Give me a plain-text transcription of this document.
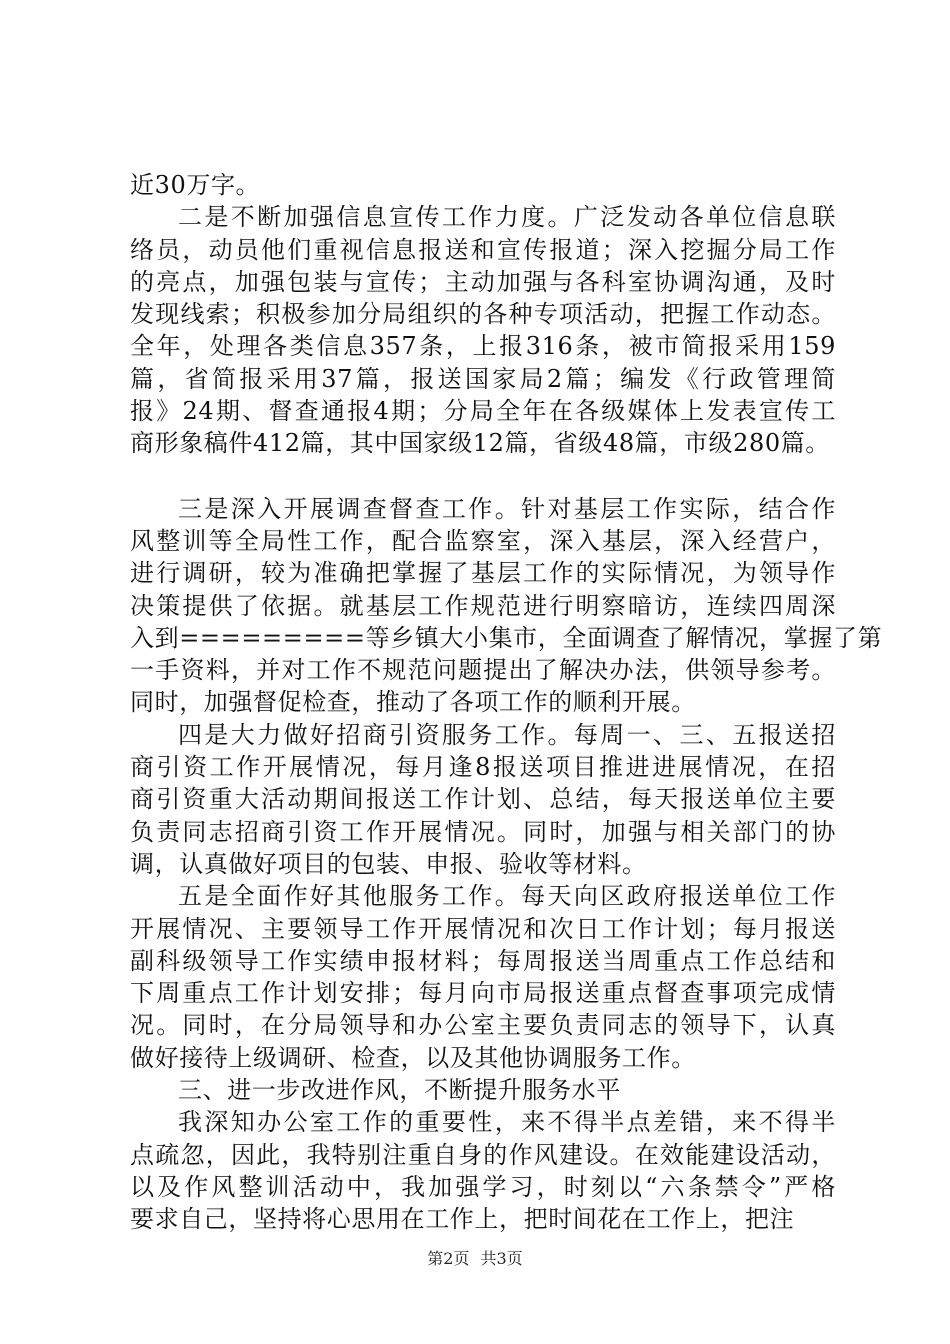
近30万字。
二是不断加强信息宣传工作力度。广泛发动各单位信息联
络员，动员他们重视信息报送和宣传报道；深入挖掘分局工作
的亮点，加强包装与宣传；主动加强与各科室协调沟通，及时
发现线索；积极参加分局组织的各种专项活动，把握工作动态。
全年，处理各类信息357条，上报316条，被市简报采用159
篇，省简报采用37篇，报送国家局2篇；编发《行政管理简
报》24期、督查通报4期；分局全年在各级媒体上发表宣传工
商形象稿件412篇，其中国家级12篇，省级48篇，市级280篇。
三是深入开展调查督查工作。针对基层工作实际，结合作
风整训等全局性工作，配合监察室，深入基层，深入经营户，
进行调研，较为准确把掌握了基层工作的实际情况，为领导作
决策提供了依据。就基层工作规范进行明察暗访，连续四周深
入到=========等乡镇大小集市，全面调查了解情况，掌握了第
一手资料，并对工作不规范问题提出了解决办法，供领导参考。
同时，加强督促检查，推动了各项工作的顺利开展。
四是大力做好招商引资服务工作。每周一、三、五报送招
商引资工作开展情况，每月逢8报送项目推进进展情况，在招
商引资重大活动期间报送工作计划、总结，每天报送单位主要
负责同志招商引资工作开展情况。同时，加强与相关部门的协
调，认真做好项目的包装、申报、验收等材料。
五是全面作好其他服务工作。每天向区政府报送单位工作
开展情况、主要领导工作开展情况和次日工作计划；每月报送
副科级领导工作实绩申报材料；每周报送当周重点工作总结和
下周重点工作计划安排；每月向市局报送重点督查事项完成情
况。同时，在分局领导和办公室主要负责同志的领导下，认真
做好接待上级调研、检查，以及其他协调服务工作。
三、进一步改进作风，不断提升服务水平
我深知办公室工作的重要性，来不得半点差错，来不得半
点疏忽，因此，我特别注重自身的作风建设。在效能建设活动，
以及作风整训活动中，我加强学习，时刻以“六条禁令”严格
要求自己，坚持将心思用在工作上，把时间花在工作上，把注
第2页 共3页
